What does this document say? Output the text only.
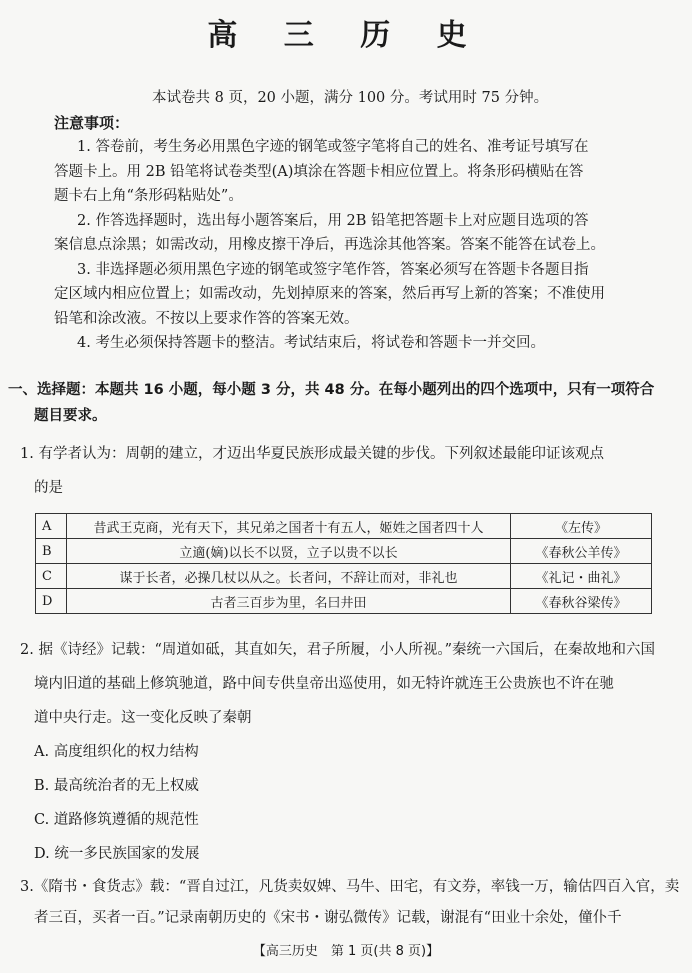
高 三 历 史
本试卷共 8 页，20 小题，满分 100 分。考试用时 75 分钟。
注意事项：
1. 答卷前，考生务必用黑色字迹的钢笔或签字笔将自己的姓名、准考证号填写在
答题卡上。用 2B 铅笔将试卷类型(A)填涂在答题卡相应位置上。将条形码横贴在答
题卡右上角“条形码粘贴处”。
2. 作答选择题时，选出每小题答案后，用 2B 铅笔把答题卡上对应题目选项的答
案信息点涂黑；如需改动，用橡皮擦干净后，再选涂其他答案。答案不能答在试卷上。
3. 非选择题必须用黑色字迹的钢笔或签字笔作答，答案必须写在答题卡各题目指
定区域内相应位置上；如需改动，先划掉原来的答案，然后再写上新的答案；不准使用
铅笔和涂改液。不按以上要求作答的答案无效。
4. 考生必须保持答题卡的整洁。考试结束后，将试卷和答题卡一并交回。
一、选择题：本题共 16 小题，每小题 3 分，共 48 分。在每小题列出的四个选项中，只有一项符合
题目要求。
1. 有学者认为：周朝的建立，才迈出华夏民族形成最关键的步伐。下列叙述最能印证该观点
的是
A	昔武王克商，光有天下，其兄弟之国者十有五人，姬姓之国者四十人	《左传》
B	立適(嫡)以长不以贤，立子以贵不以长	《春秋公羊传》
C	谋于长者，必操几杖以从之。长者问，不辞让而对，非礼也	《礼记・曲礼》
D	古者三百步为里，名曰井田	《春秋谷梁传》
2. 据《诗经》记载：“周道如砥，其直如矢，君子所履，小人所视。”秦统一六国后，在秦故地和六国
境内旧道的基础上修筑驰道，路中间专供皇帝出巡使用，如无特许就连王公贵族也不许在驰
道中央行走。这一变化反映了秦朝
A. 高度组织化的权力结构
B. 最高统治者的无上权威
C. 道路修筑遵循的规范性
D. 统一多民族国家的发展
3.《隋书・食货志》载：“晋自过江，凡货卖奴婢、马牛、田宅，有文券，率钱一万，输估四百入官，卖
者三百，买者一百。”记录南朝历史的《宋书・谢弘微传》记载，谢混有“田业十余处，僮仆千
【高三历史　第 1 页(共 8 页)】
